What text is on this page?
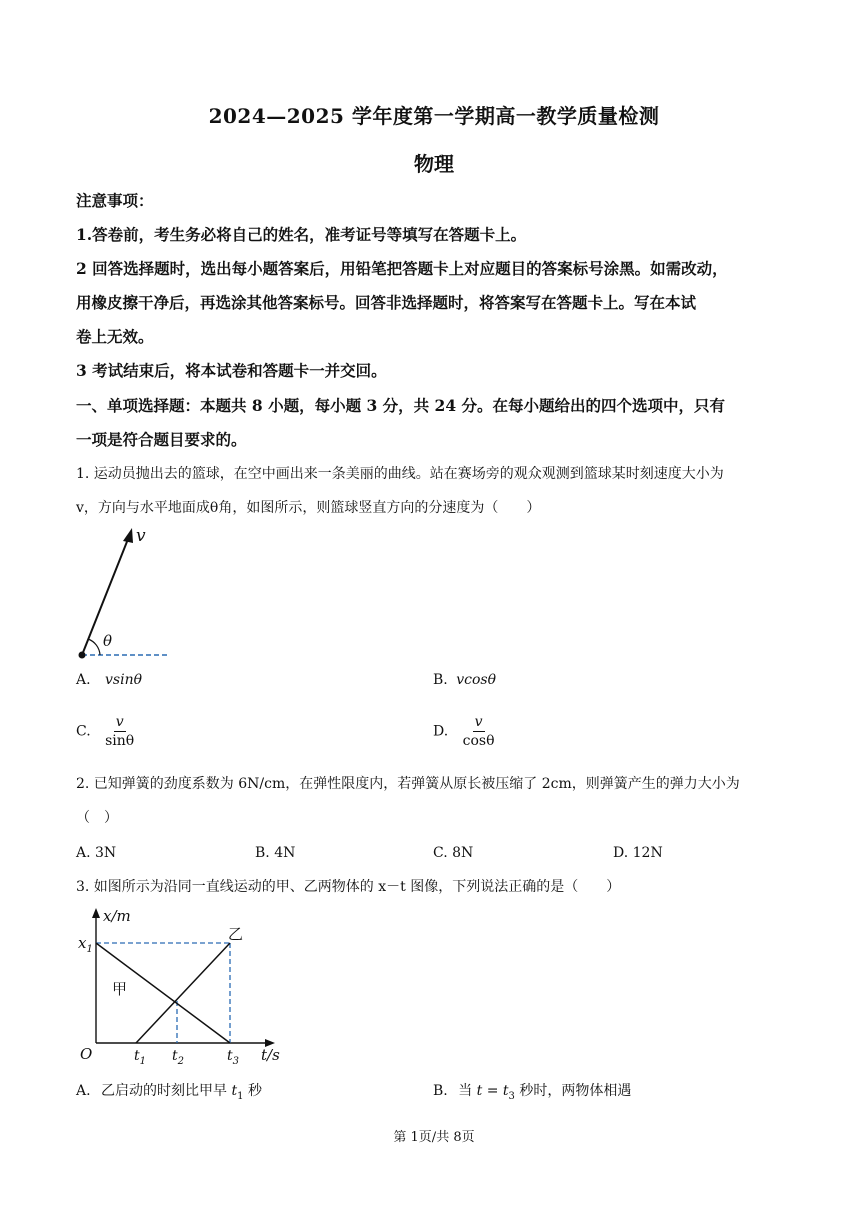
2024—2025 学年度第一学期高一教学质量检测
物理
注意事项：
1.答卷前，考生务必将自己的姓名，准考证号等填写在答题卡上。
2 回答选择题时，选出每小题答案后，用铅笔把答题卡上对应题目的答案标号涂黑。如需改动，
用橡皮擦干净后，再选涂其他答案标号。回答非选择题时，将答案写在答题卡上。写在本试
卷上无效。
3 考试结束后，将本试卷和答题卡一并交回。
一、单项选择题：本题共 8 小题，每小题 3 分，共 24 分。在每小题给出的四个选项中，只有
一项是符合题目要求的。
1. 运动员抛出去的篮球，在空中画出来一条美丽的曲线。站在赛场旁的观众观测到篮球某时刻速度大小为
v，方向与水平地面成θ角，如图所示，则篮球竖直方向的分速度为（　　）
v
θ
A. vsinθ	B. vcosθ
C. $\frac{v}{\sin\theta}$	D. $\frac{v}{\cos\theta}$
2. 已知弹簧的劲度系数为 6N/cm，在弹性限度内，若弹簧从原长被压缩了 2cm，则弹簧产生的弹力大小为
（　）
A. 3N	B. 4N	C. 8N	D. 12N
3. 如图所示为沿同一直线运动的甲、乙两物体的 x－t 图像，下列说法正确的是（　　）
x/m
$x_1$
O	$t_1$ $t_2$	$t_3$ t/s
甲
乙
A. 乙启动的时刻比甲早 $t_1$ 秒	B. 当 $t = t_3$ 秒时，两物体相遇
第 1页/共 8页
